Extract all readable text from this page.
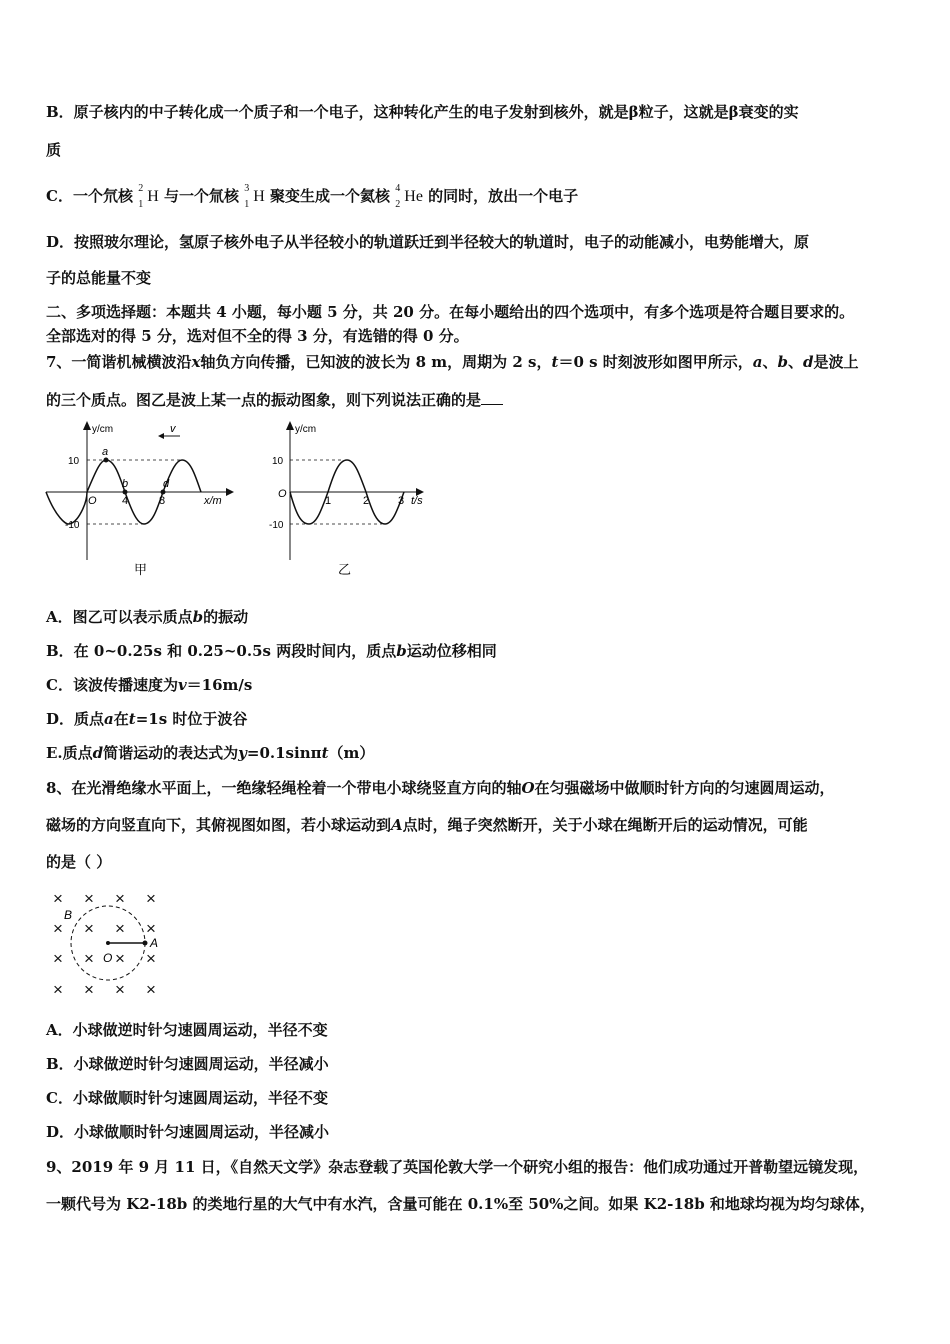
B．原子核内的中子转化成一个质子和一个电子，这种转化产生的电子发射到核外，就是β粒子，这就是β衰变的实
质
C．一个氘核 2
1 H 与一个氚核 3
1 H 聚变生成一个氦核 4
2 He 的同时，放出一个电子
D．按照玻尔理论，氢原子核外电子从半径较小的轨道跃迁到半径较大的轨道时，电子的动能减小，电势能增大，原
子的总能量不变
二、多项选择题：本题共 4 小题，每小题 5 分，共 20 分。在每小题给出的四个选项中，有多个选项是符合题目要求的。
全部选对的得 5 分，选对但不全的得 3 分，有选错的得 0 分。
7、一简谐机械横波沿x轴负方向传播，已知波的波长为 8 m，周期为 2 s，t＝0 s 时刻波形如图甲所示，a、b、d是波上
的三个质点。图乙是波上某一点的振动图象，则下列说法正确的是
v
y/cm
x/m
O 4	8
10
-10
a
b	d
甲
y/cm
t/s
O
1	2	3
10
-10
乙
A．图乙可以表示质点b的振动
B．在 0~0.25s 和 0.25~0.5s 两段时间内，质点b运动位移相同
C．该波传播速度为v＝16m/s
D．质点a在t=1s 时位于波谷
E.质点d简谐运动的表达式为y=0.1sinπt（m）
8、在光滑绝缘水平面上，一绝缘轻绳栓着一个带电小球绕竖直方向的轴O在匀强磁场中做顺时针方向的匀速圆周运动，
磁场的方向竖直向下，其俯视图如图，若小球运动到A点时，绳子突然断开，关于小球在绳断开后的运动情况，可能
的是（ ）
× × × ×
× × × ×
× × × ×
× × × ×
B
A
O
A．小球做逆时针匀速圆周运动，半径不变
B．小球做逆时针匀速圆周运动，半径减小
C．小球做顺时针匀速圆周运动，半径不变
D．小球做顺时针匀速圆周运动，半径减小
9、2019 年 9 月 11 日，《自然天文学》杂志登载了英国伦敦大学一个研究小组的报告：他们成功通过开普勒望远镜发现，
一颗代号为 K2-18b 的类地行星的大气中有水汽，含量可能在 0.1%至 50%之间。如果 K2-18b 和地球均视为均匀球体，
